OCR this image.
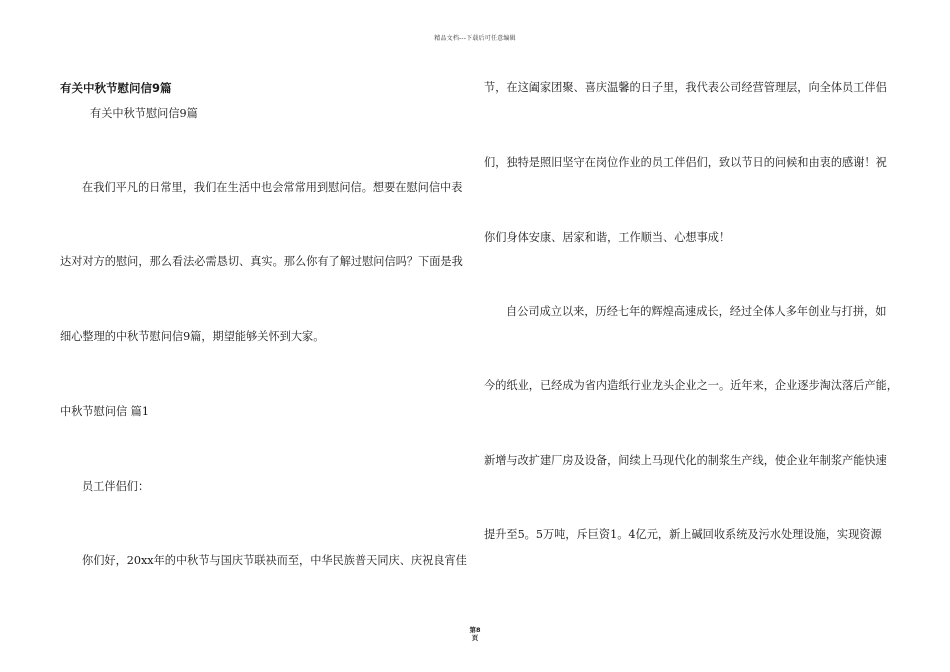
精品文档---下载后可任意编辑
有关中秋节慰问信9篇
有关中秋节慰问信9篇
在我们平凡的日常里，我们在生活中也会常常用到慰问信。想要在慰问信中表
达对对方的慰问，那么看法必需恳切、真实。那么你有了解过慰问信吗？下面是我
细心整理的中秋节慰问信9篇，期望能够关怀到大家。
中秋节慰问信 篇1
员工伴侣们：
你们好，20xx年的中秋节与国庆节联袂而至，中华民族普天同庆、庆祝良宵佳
节，在这阖家团聚、喜庆温馨的日子里，我代表公司经营管理层，向全体员工伴侣
们，独特是照旧坚守在岗位作业的员工伴侣们，致以节日的问候和由衷的感谢！祝
你们身体安康、居家和谐，工作顺当、心想事成！
自公司成立以来，历经七年的辉煌高速成长，经过全体人多年创业与打拼，如
今的纸业，已经成为省内造纸行业龙头企业之一。近年来，企业逐步淘汰落后产能，
新增与改扩建厂房及设备，间续上马现代化的制浆生产线，使企业年制浆产能快速
提升至5。5万吨，斥巨资1。4亿元，新上碱回收系统及污水处理设施，实现资源
第8
页
